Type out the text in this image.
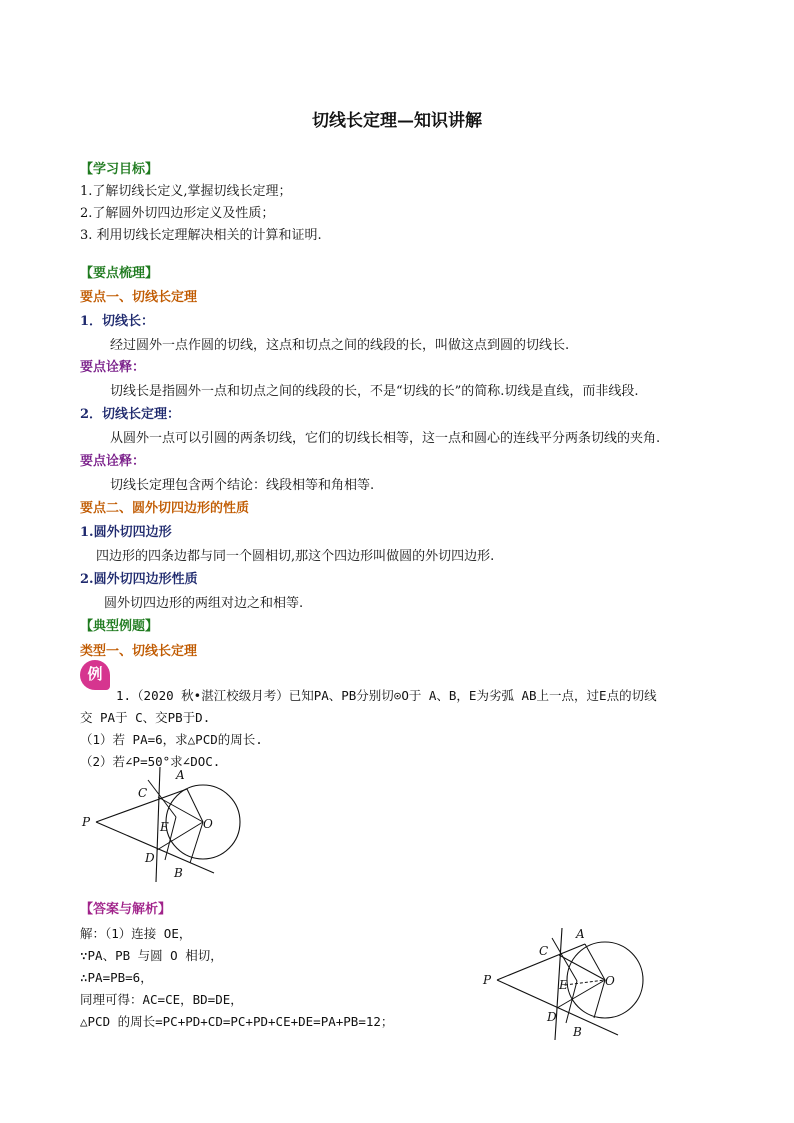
切线长定理—知识讲解
【学习目标】
1.了解切线长定义,掌握切线长定理；
2.了解圆外切四边形定义及性质；
3. 利用切线长定理解决相关的计算和证明.
【要点梳理】
要点一、切线长定理
1．切线长：
经过圆外一点作圆的切线，这点和切点之间的线段的长，叫做这点到圆的切线长.
要点诠释：
切线长是指圆外一点和切点之间的线段的长，不是“切线的长”的简称.切线是直线，而非线段.
2．切线长定理：
从圆外一点可以引圆的两条切线，它们的切线长相等，这一点和圆心的连线平分两条切线的夹角.
要点诠释：
切线长定理包含两个结论：线段相等和角相等.
要点二、圆外切四边形的性质
1.圆外切四边形
四边形的四条边都与同一个圆相切,那这个四边形叫做圆的外切四边形.
2.圆外切四边形性质
圆外切四边形的两组对边之和相等.
【典型例题】
类型一、切线长定理
例
1.（2020 秋•湛江校级月考）已知PA、PB分别切⊙O于 A、B，E为劣弧 AB上一点，过E点的切线
交 PA于 C、交PB于D.
（1）若 PA=6，求△PCD的周长.
（2）若∠P=50°求∠DOC.
P
A
C
E	O
D
B
【答案与解析】
解：（1）连接 OE，
∵PA、PB 与圆 O 相切，
∴PA=PB=6，
同理可得：AC=CE，BD=DE，
△PCD 的周长=PC+PD+CD=PC+PD+CE+DE=PA+PB=12；
P
A
C
E	O
D
B
